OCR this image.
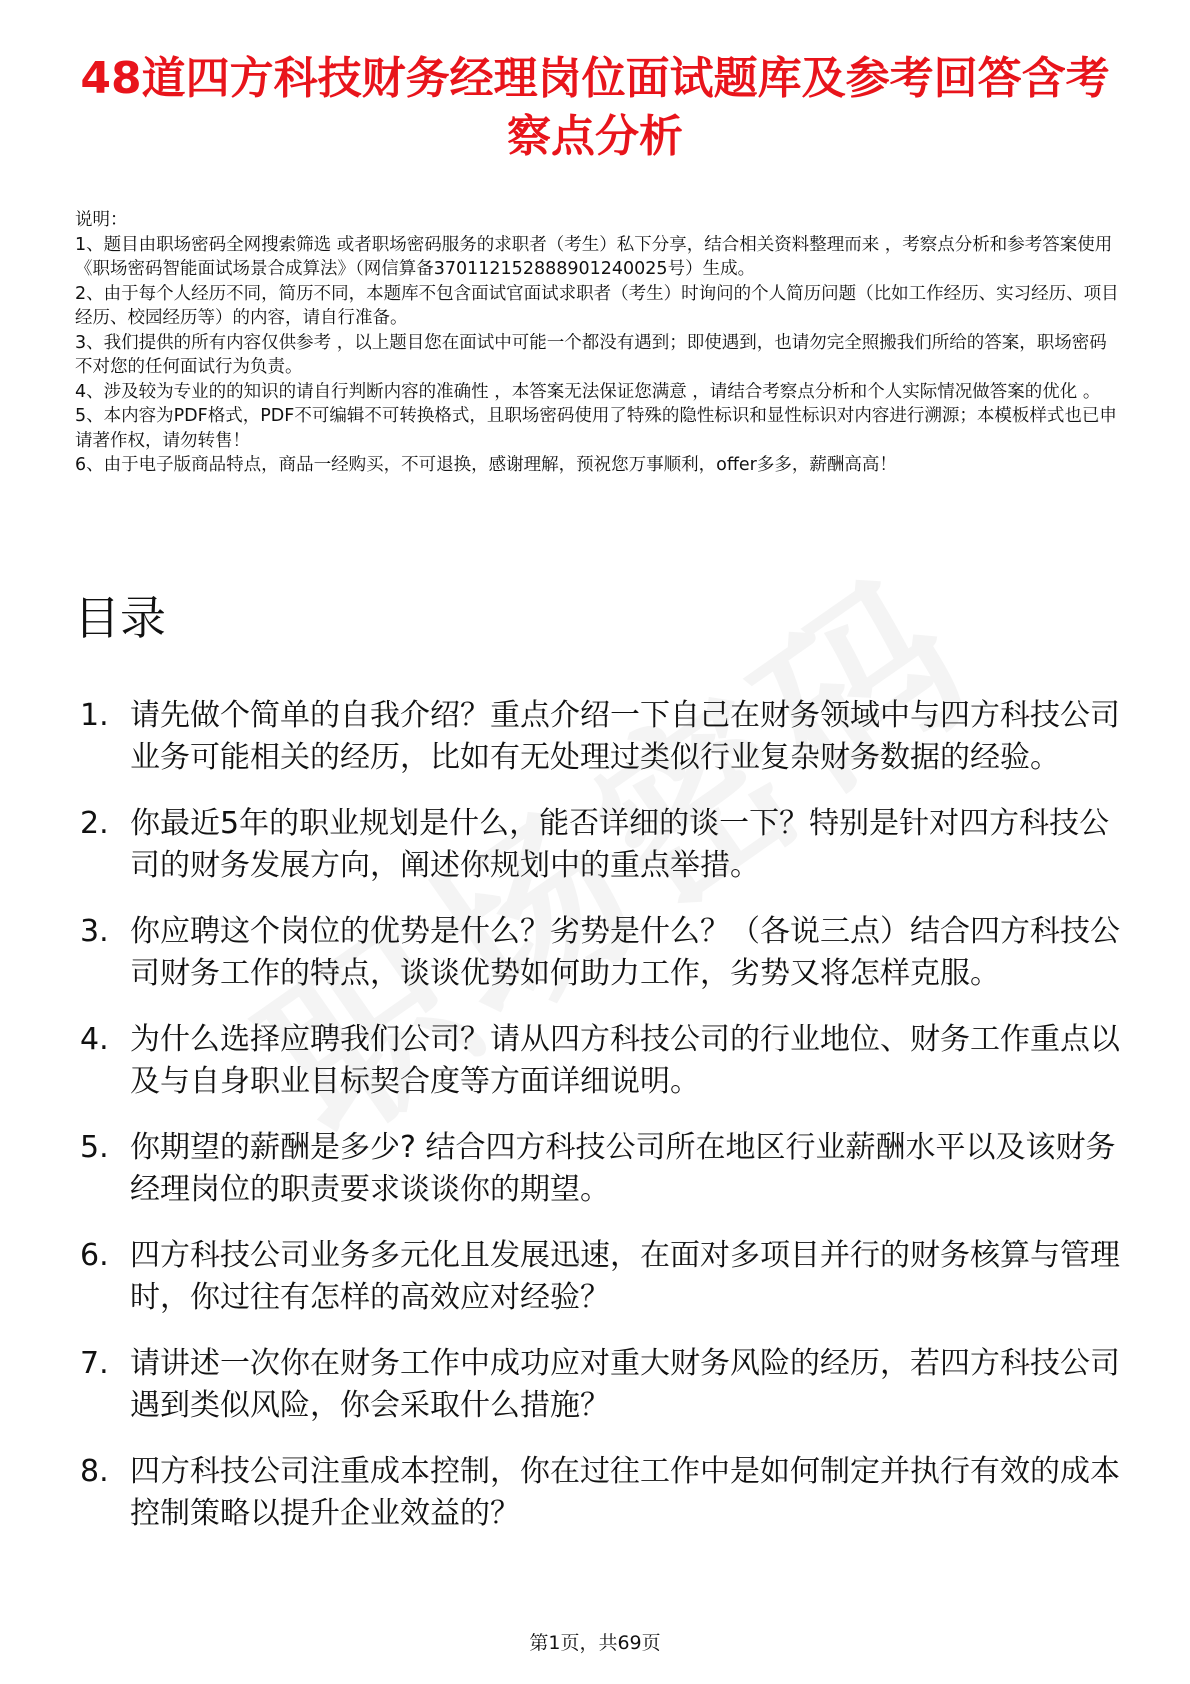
48道四方科技财务经理岗位面试题库及参考回答含考察点分析

说明：

1、题目由职场密码全网搜索筛选 或者职场密码服务的求职者（考生）私下分享，结合相关资料整理而来 ，考察点分析和参考答案使用《职场密码智能面试场景合成算法》（网信算备370112152888901240025号）生成。

2、由于每个人经历不同，简历不同，本题库不包含面试官面试求职者（考生）时询问的个人简历问题（比如工作经历、实习经历、项目经历、校园经历等）的内容，请自行准备。

3、我们提供的所有内容仅供参考 ，以上题目您在面试中可能一个都没有遇到；即使遇到，也请勿完全照搬我们所给的答案，职场密码不对您的任何面试行为负责。

4、涉及较为专业的的知识的请自行判断内容的准确性 ，本答案无法保证您满意 ，请结合考察点分析和个人实际情况做答案的优化 。

5、本内容为PDF格式，PDF不可编辑不可转换格式，且职场密码使用了特殊的隐性标识和显性标识对内容进行溯源；本模板样式也已申请著作权，请勿转售！

6、由于电子版商品特点，商品一经购买，不可退换，感谢理解，预祝您万事顺利，offer多多，薪酬高高！

目录
1. 请先做个简单的自我介绍？重点介绍一下自己在财务领域中与四方科技公司业务可能相关的经历，比如有无处理过类似行业复杂财务数据的经验。
2. 你最近5年的职业规划是什么，能否详细的谈一下？特别是针对四方科技公司的财务发展方向，阐述你规划中的重点举措。
3. 你应聘这个岗位的优势是什么？劣势是什么？（各说三点）结合四方科技公司财务工作的特点，谈谈优势如何助力工作，劣势又将怎样克服。
4. 为什么选择应聘我们公司？请从四方科技公司的行业地位、财务工作重点以及与自身职业目标契合度等方面详细说明。
5. 你期望的薪酬是多少? 结合四方科技公司所在地区行业薪酬水平以及该财务经理岗位的职责要求谈谈你的期望。
6. 四方科技公司业务多元化且发展迅速，在面对多项目并行的财务核算与管理时，你过往有怎样的高效应对经验？
7. 请讲述一次你在财务工作中成功应对重大财务风险的经历，若四方科技公司遇到类似风险，你会采取什么措施？
8. 四方科技公司注重成本控制，你在过往工作中是如何制定并执行有效的成本控制策略以提升企业效益的？
第1页，共69页
